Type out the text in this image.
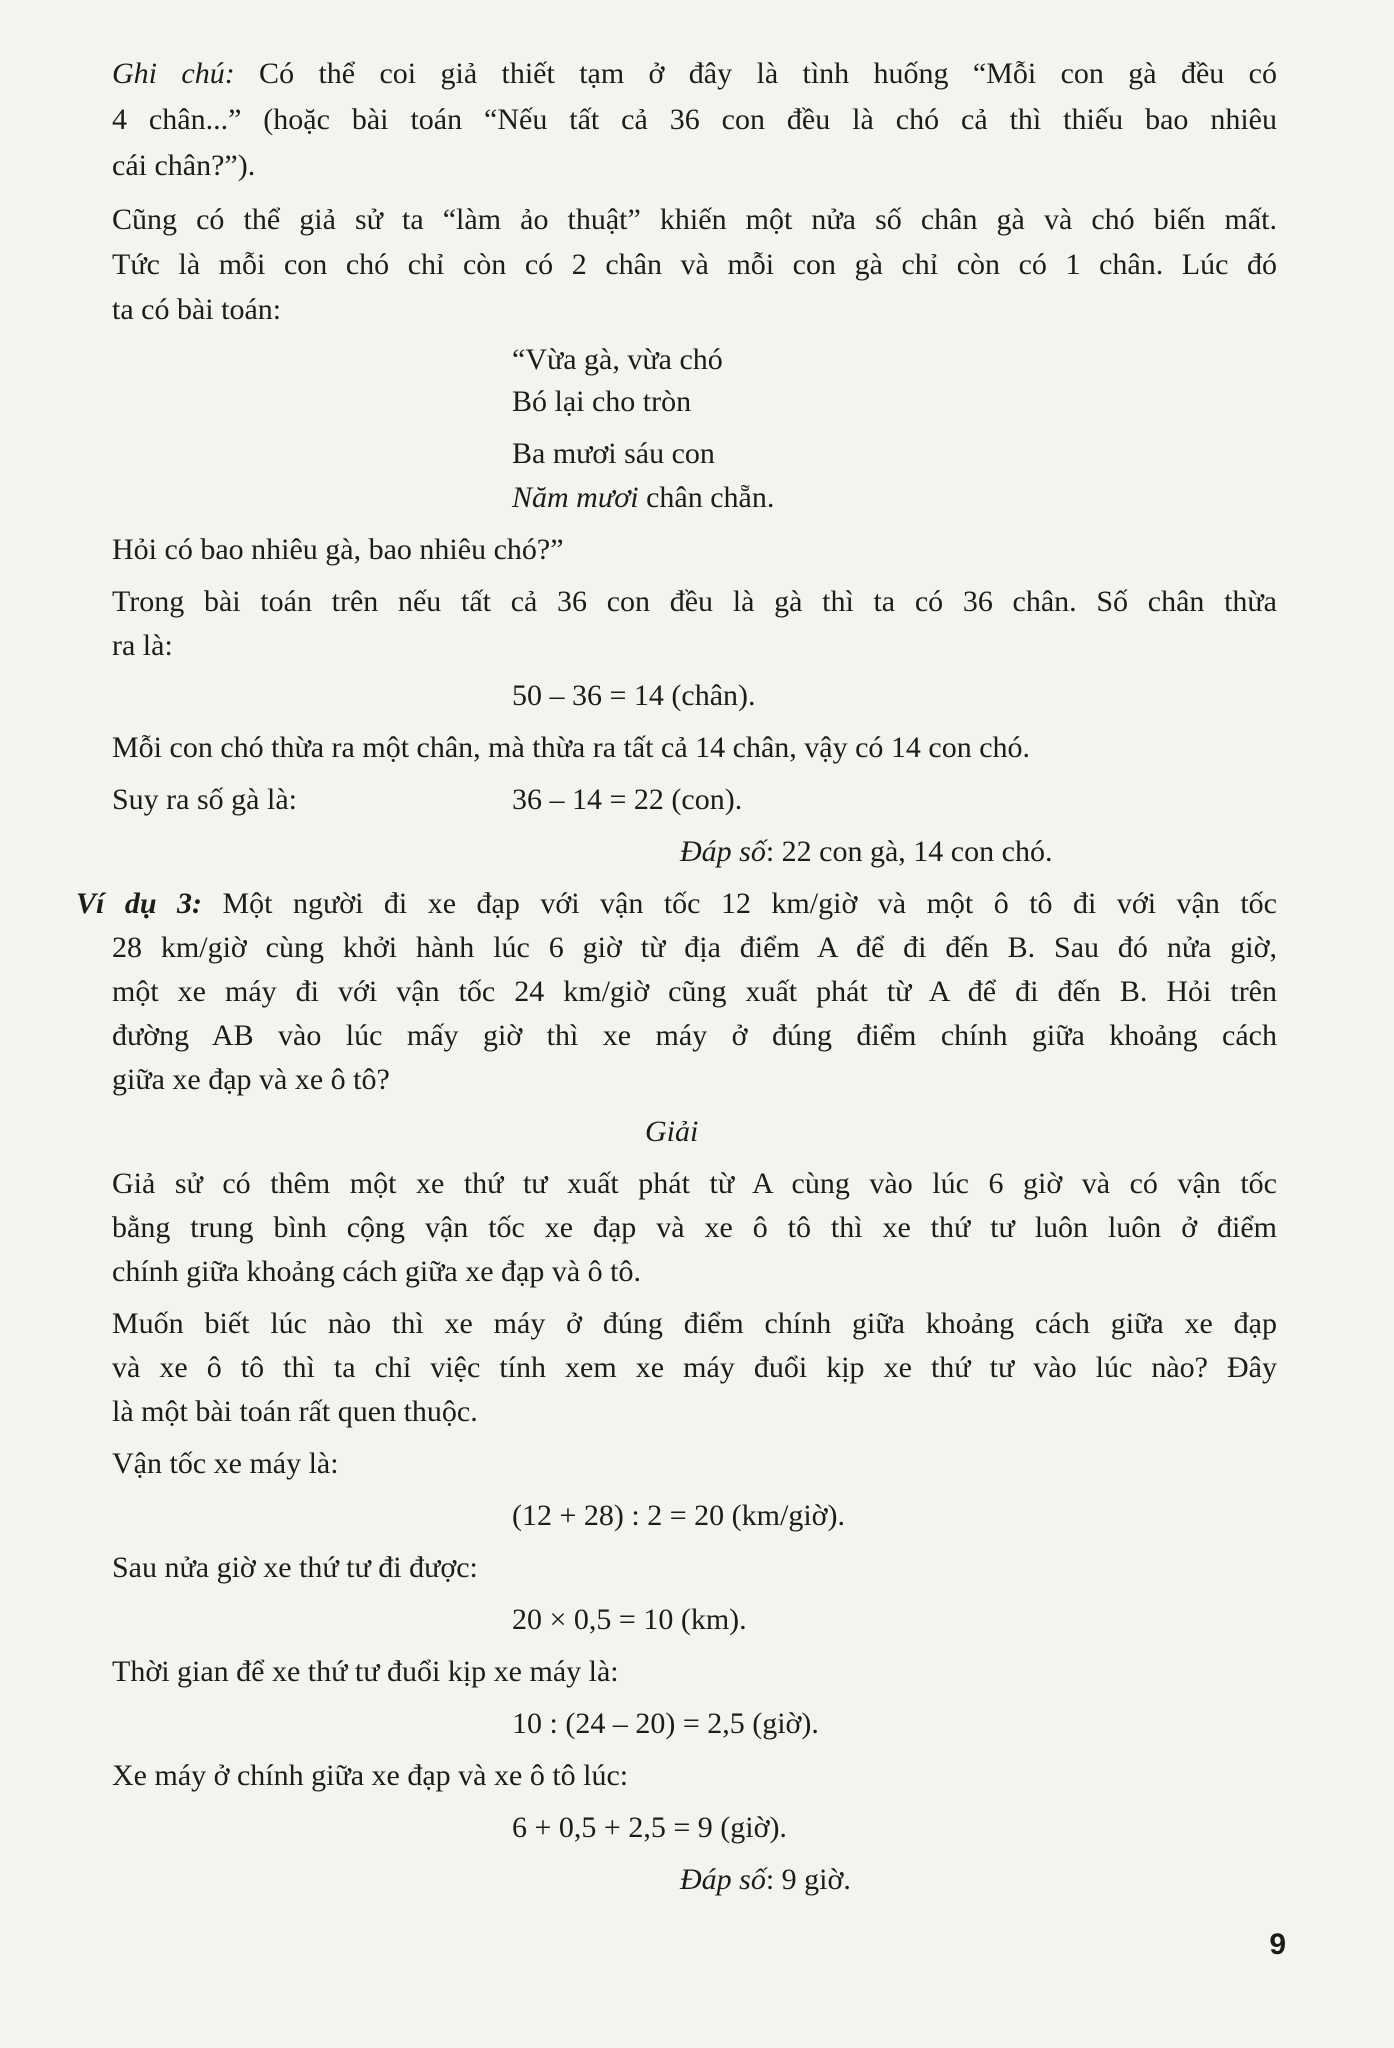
Ghi chú: Có thể coi giả thiết tạm ở đây là tình huống “Mỗi con gà đều có
4 chân...” (hoặc bài toán “Nếu tất cả 36 con đều là chó cả thì thiếu bao nhiêu
cái chân?”).
Cũng có thể giả sử ta “làm ảo thuật” khiến một nửa số chân gà và chó biến mất.
Tức là mỗi con chó chỉ còn có 2 chân và mỗi con gà chỉ còn có 1 chân. Lúc đó
ta có bài toán:
“Vừa gà, vừa chó
Bó lại cho tròn
Ba mươi sáu con
Năm mươi chân chẵn.
Hỏi có bao nhiêu gà, bao nhiêu chó?”
Trong bài toán trên nếu tất cả 36 con đều là gà thì ta có 36 chân. Số chân thừa
ra là:
50 – 36 = 14 (chân).
Mỗi con chó thừa ra một chân, mà thừa ra tất cả 14 chân, vậy có 14 con chó.
Suy ra số gà là:	36 – 14 = 22 (con).
Đáp số: 22 con gà, 14 con chó.
Ví dụ 3: Một người đi xe đạp với vận tốc 12 km/giờ và một ô tô đi với vận tốc
28 km/giờ cùng khởi hành lúc 6 giờ từ địa điểm A để đi đến B. Sau đó nửa giờ,
một xe máy đi với vận tốc 24 km/giờ cũng xuất phát từ A để đi đến B. Hỏi trên
đường AB vào lúc mấy giờ thì xe máy ở đúng điểm chính giữa khoảng cách
giữa xe đạp và xe ô tô?
Giải
Giả sử có thêm một xe thứ tư xuất phát từ A cùng vào lúc 6 giờ và có vận tốc
bằng trung bình cộng vận tốc xe đạp và xe ô tô thì xe thứ tư luôn luôn ở điểm
chính giữa khoảng cách giữa xe đạp và ô tô.
Muốn biết lúc nào thì xe máy ở đúng điểm chính giữa khoảng cách giữa xe đạp
và xe ô tô thì ta chỉ việc tính xem xe máy đuổi kịp xe thứ tư vào lúc nào? Đây
là một bài toán rất quen thuộc.
Vận tốc xe máy là:
(12 + 28) : 2 = 20 (km/giờ).
Sau nửa giờ xe thứ tư đi được:
20 × 0,5 = 10 (km).
Thời gian để xe thứ tư đuổi kịp xe máy là:
10 : (24 – 20) = 2,5 (giờ).
Xe máy ở chính giữa xe đạp và xe ô tô lúc:
6 + 0,5 + 2,5 = 9 (giờ).
Đáp số: 9 giờ.
9
